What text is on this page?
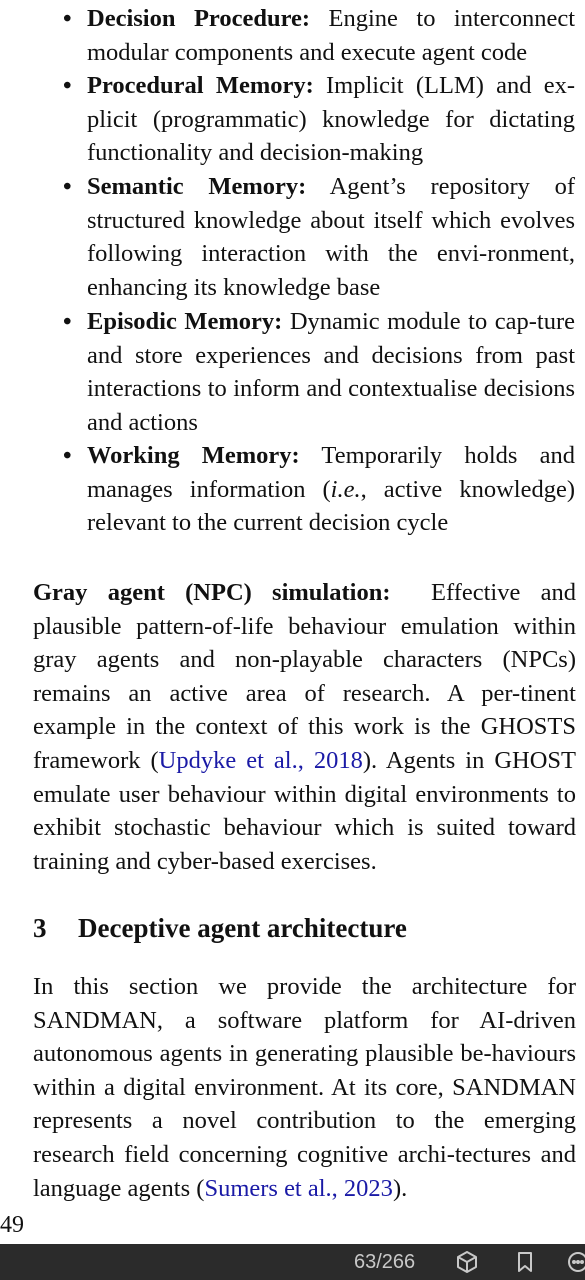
• Decision Procedure: Engine to interconnect modular components and execute agent code
• Procedural Memory: Implicit (LLM) and ex-plicit (programmatic) knowledge for dictating functionality and decision-making
• Semantic Memory: Agent’s repository of structured knowledge about itself which evolves following interaction with the envi-ronment, enhancing its knowledge base
• Episodic Memory: Dynamic module to cap-ture and store experiences and decisions from past interactions to inform and contextualise decisions and actions
• Working Memory: Temporarily holds and manages information (i.e., active knowledge) relevant to the current decision cycle
Gray agent (NPC) simulation:  Effective and plausible pattern-of-life behaviour emulation within gray agents and non-playable characters (NPCs) remains an active area of research. A per-tinent example in the context of this work is the GHOSTS framework (Updyke et al., 2018). Agents in GHOST emulate user behaviour within digital environments to exhibit stochastic behaviour which is suited toward training and cyber-based exercises.
3 Deceptive agent architecture
In this section we provide the architecture for SANDMAN, a software platform for AI-driven autonomous agents in generating plausible be-haviours within a digital environment. At its core, SANDMAN represents a novel contribution to the emerging research field concerning cognitive archi-tectures and language agents (Sumers et al., 2023).
49
63/266
